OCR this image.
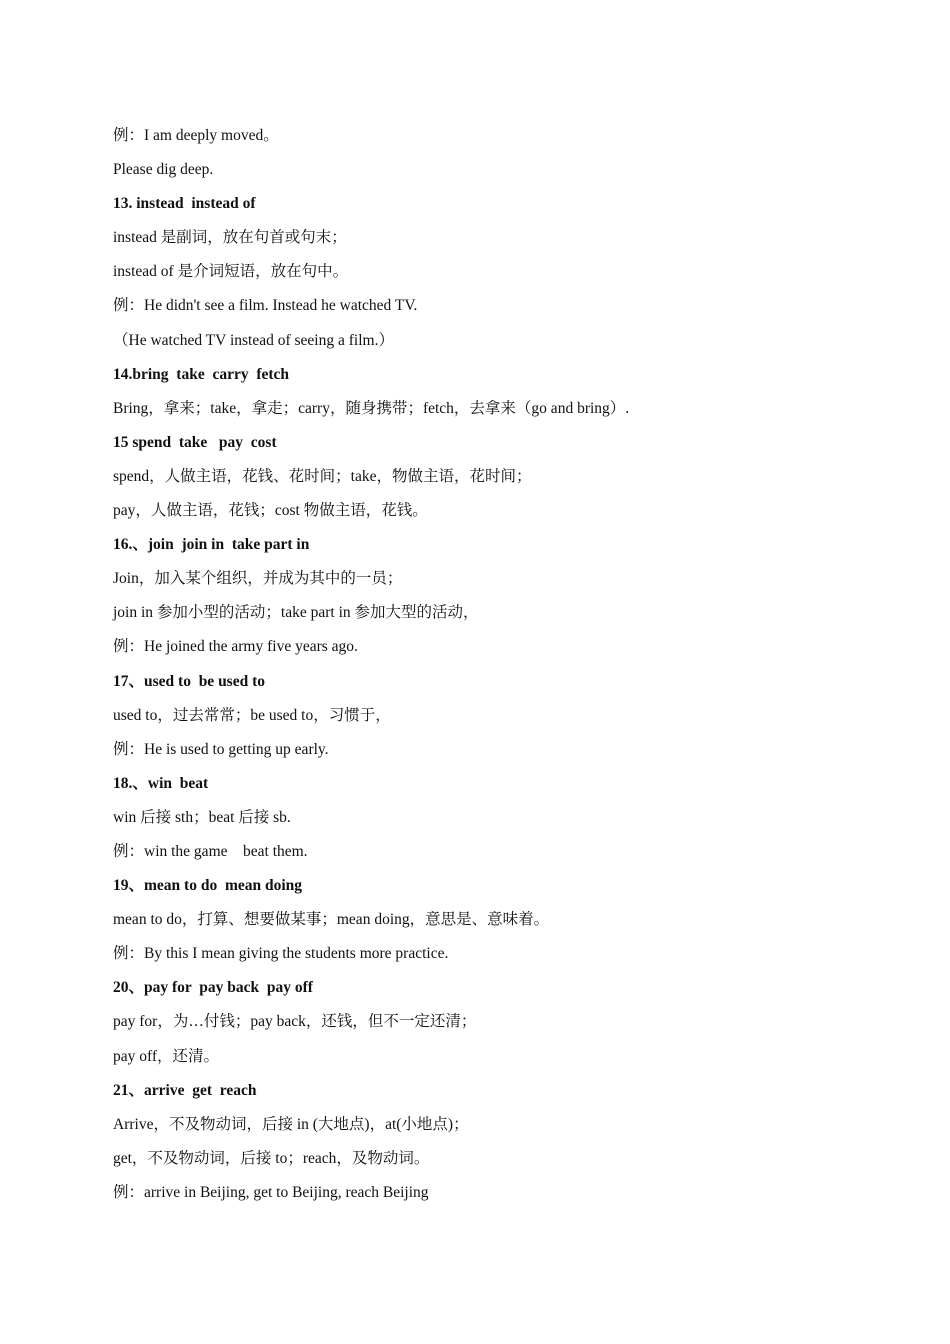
例：I am deeply moved。
Please dig deep.
13. instead  instead of
instead 是副词，放在句首或句末；
instead of 是介词短语，放在句中。
例：He didn't see a film. Instead he watched TV.
（He watched TV instead of seeing a film.）
14.bring  take  carry  fetch
Bring，拿来；take，拿走；carry，随身携带；fetch，去拿来（go and bring）.
15 spend  take   pay  cost
spend，人做主语，花钱、花时间；take，物做主语，花时间；
pay，人做主语，花钱；cost 物做主语，花钱。
16.、join  join in  take part in
Join，加入某个组织，并成为其中的一员；
join in 参加小型的活动；take part in 参加大型的活动，
例：He joined the army five years ago.
17、used to  be used to
used to，过去常常；be used to，习惯于，
例：He is used to getting up early.
18.、win  beat
win 后接 sth；beat 后接 sb.
例：win the game    beat them.
19、mean to do  mean doing
mean to do，打算、想要做某事；mean doing，意思是、意味着。
例：By this I mean giving the students more practice.
20、pay for  pay back  pay off
pay for，为…付钱；pay back，还钱，但不一定还清；
pay off，还清。
21、arrive  get  reach
Arrive，不及物动词，后接 in (大地点)，at(小地点)；
get，不及物动词，后接 to；reach，及物动词。
例：arrive in Beijing, get to Beijing, reach Beijing
